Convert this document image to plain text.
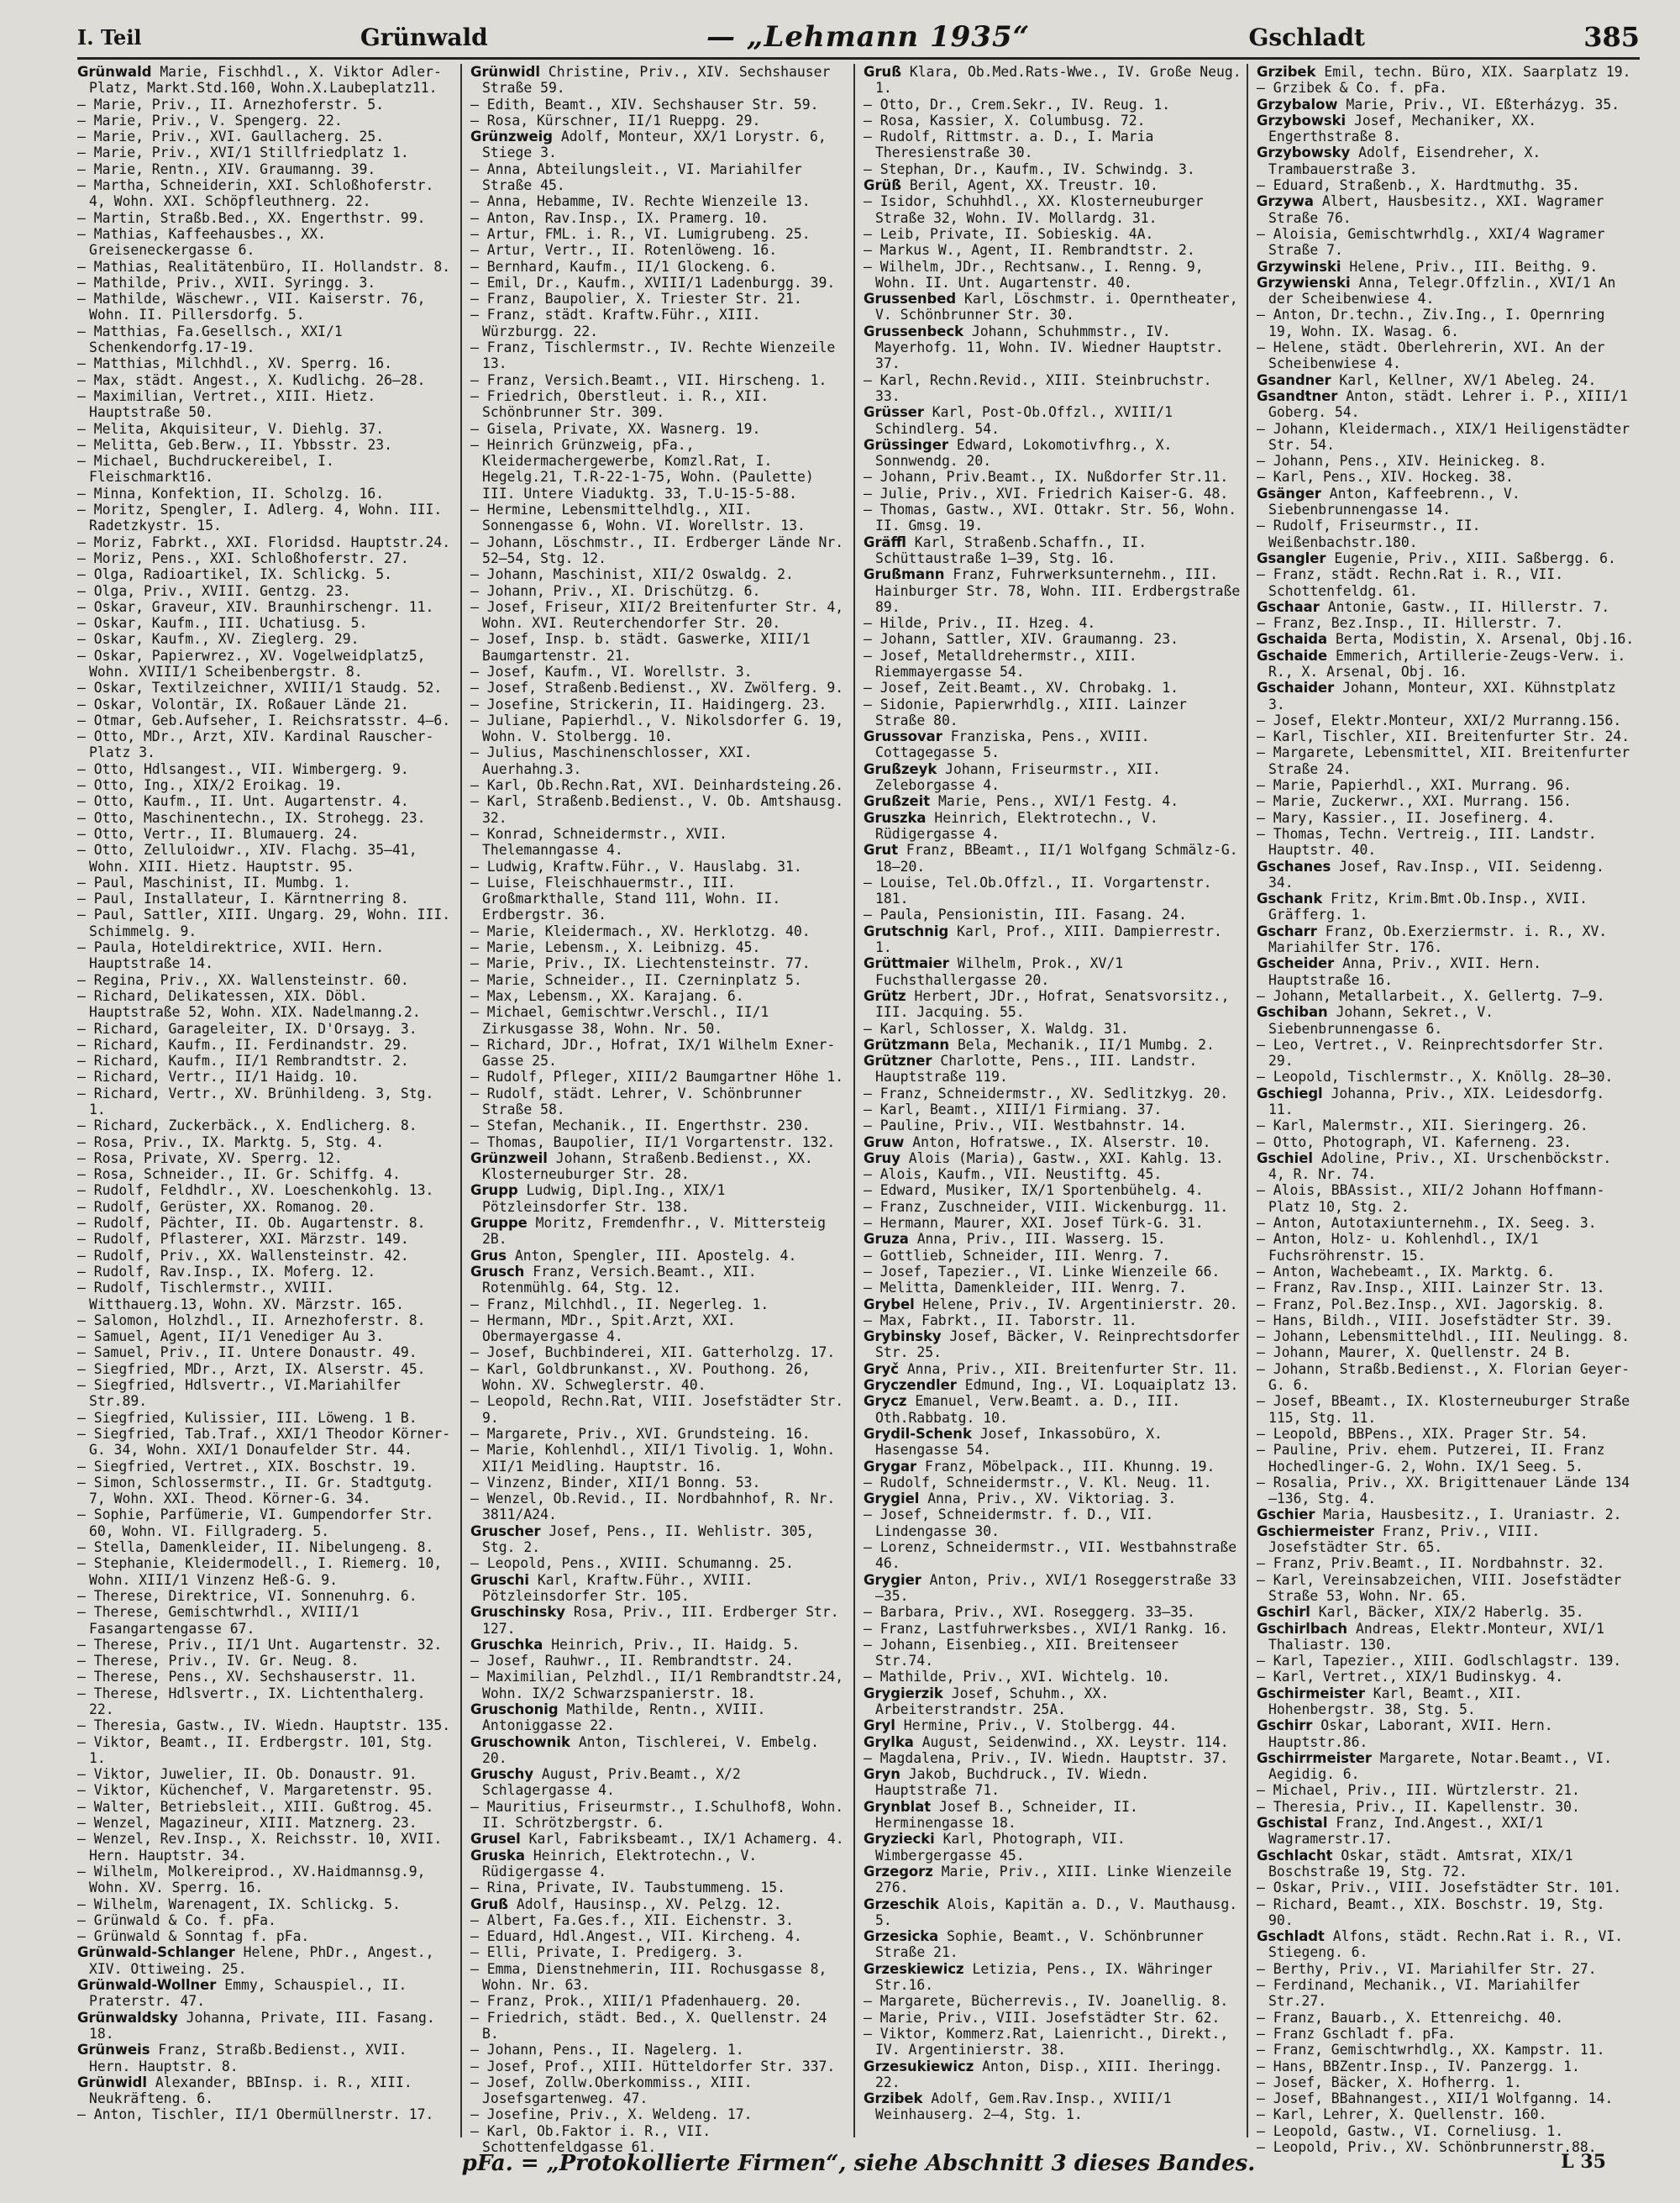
I. Teil	Grünwald	— „Lehmann 1935“	Gschladt	385

Grünwald Marie, Fischhdl., X. Viktor Adler-Platz, Markt.Std.160, Wohn.X.Laubeplatz11.

— Marie, Priv., II. Arnezhoferstr. 5.

— Marie, Priv., V. Spengerg. 22.

— Marie, Priv., XVI. Gaullacherg. 25.

— Marie, Priv., XVI/1 Stillfriedplatz 1.

— Marie, Rentn., XIV. Graumanng. 39.

— Martha, Schneiderin, XXI. Schloßhoferstr. 4, Wohn. XXI. Schöpfleuthnerg. 22.

— Martin, Straßb.Bed., XX. Engerthstr. 99.

— Mathias, Kaffeehausbes., XX. Greiseneckergasse 6.

— Mathias, Realitätenbüro, II. Hollandstr. 8.

— Mathilde, Priv., XVII. Syringg. 3.

— Mathilde, Wäschewr., VII. Kaiserstr. 76, Wohn. II. Pillersdorfg. 5.

— Matthias, Fa.Gesellsch., XXI/1 Schenkendorfg.17-19.

— Matthias, Milchhdl., XV. Sperrg. 16.

— Max, städt. Angest., X. Kudlichg. 26—28.

— Maximilian, Vertret., XIII. Hietz. Hauptstraße 50.

— Melita, Akquisiteur, V. Diehlg. 37.

— Melitta, Geb.Berw., II. Ybbsstr. 23.

— Michael, Buchdruckereibel, I. Fleischmarkt16.

— Minna, Konfektion, II. Scholzg. 16.

— Moritz, Spengler, I. Adlerg. 4, Wohn. III. Radetzkystr. 15.

— Moriz, Fabrkt., XXI. Floridsd. Hauptstr.24.

— Moriz, Pens., XXI. Schloßhoferstr. 27.

— Olga, Radioartikel, IX. Schlickg. 5.

— Olga, Priv., XVIII. Gentzg. 23.

— Oskar, Graveur, XIV. Braunhirschengr. 11.

— Oskar, Kaufm., III. Uchatiusg. 5.

— Oskar, Kaufm., XV. Zieglerg. 29.

— Oskar, Papierwrez., XV. Vogelweidplatz5, Wohn. XVIII/1 Scheibenbergstr. 8.

— Oskar, Textilzeichner, XVIII/1 Staudg. 52.

— Oskar, Volontär, IX. Roßauer Lände 21.

— Otmar, Geb.Aufseher, I. Reichsratsstr. 4—6.

— Otto, MDr., Arzt, XIV. Kardinal Rauscher-Platz 3.

— Otto, Hdlsangest., VII. Wimbergerg. 9.

— Otto, Ing., XIX/2 Eroikag. 19.

— Otto, Kaufm., II. Unt. Augartenstr. 4.

— Otto, Maschinentechn., IX. Strohegg. 23.

— Otto, Vertr., II. Blumauerg. 24.

— Otto, Zelluloidwr., XIV. Flachg. 35—41, Wohn. XIII. Hietz. Hauptstr. 95.

— Paul, Maschinist, II. Mumbg. 1.

— Paul, Installateur, I. Kärntnerring 8.

— Paul, Sattler, XIII. Ungarg. 29, Wohn. III. Schimmelg. 9.

— Paula, Hoteldirektrice, XVII. Hern. Hauptstraße 14.

— Regina, Priv., XX. Wallensteinstr. 60.

— Richard, Delikatessen, XIX. Döbl. Hauptstraße 52, Wohn. XIX. Nadelmanng.2.

— Richard, Garageleiter, IX. D'Orsayg. 3.

— Richard, Kaufm., II. Ferdinandstr. 29.

— Richard, Kaufm., II/1 Rembrandtstr. 2.

— Richard, Vertr., II/1 Haidg. 10.

— Richard, Vertr., XV. Brünhildeng. 3, Stg. 1.

— Richard, Zuckerbäck., X. Endlicherg. 8.

— Rosa, Priv., IX. Marktg. 5, Stg. 4.

— Rosa, Private, XV. Sperrg. 12.

— Rosa, Schneider., II. Gr. Schiffg. 4.

— Rudolf, Feldhdlr., XV. Loeschenkohlg. 13.

— Rudolf, Gerüster, XX. Romanog. 20.

— Rudolf, Pächter, II. Ob. Augartenstr. 8.

— Rudolf, Pflasterer, XXI. Märzstr. 149.

— Rudolf, Priv., XX. Wallensteinstr. 42.

— Rudolf, Rav.Insp., IX. Moferg. 12.

— Rudolf, Tischlermstr., XVIII. Witthauerg.13, Wohn. XV. Märzstr. 165.

— Salomon, Holzhdl., II. Arnezhoferstr. 8.

— Samuel, Agent, II/1 Venediger Au 3.

— Samuel, Priv., II. Untere Donaustr. 49.

— Siegfried, MDr., Arzt, IX. Alserstr. 45.

— Siegfried, Hdlsvertr., VI.Mariahilfer Str.89.

— Siegfried, Kulissier, III. Löweng. 1 B.

— Siegfried, Tab.Traf., XXI/1 Theodor Körner-G. 34, Wohn. XXI/1 Donaufelder Str. 44.

— Siegfried, Vertret., XIX. Boschstr. 19.

— Simon, Schlossermstr., II. Gr. Stadtgutg. 7, Wohn. XXI. Theod. Körner-G. 34.

— Sophie, Parfümerie, VI. Gumpendorfer Str. 60, Wohn. VI. Fillgraderg. 5.

— Stella, Damenkleider, II. Nibelungeng. 8.

— Stephanie, Kleidermodell., I. Riemerg. 10, Wohn. XIII/1 Vinzenz Heß-G. 9.

— Therese, Direktrice, VI. Sonnenuhrg. 6.

— Therese, Gemischtwrhdl., XVIII/1 Fasangartengasse 67.

— Therese, Priv., II/1 Unt. Augartenstr. 32.

— Therese, Priv., IV. Gr. Neug. 8.

— Therese, Pens., XV. Sechshauserstr. 11.

— Therese, Hdlsvertr., IX. Lichtenthalerg. 22.

— Theresia, Gastw., IV. Wiedn. Hauptstr. 135.

— Viktor, Beamt., II. Erdbergstr. 101, Stg. 1.

— Viktor, Juwelier, II. Ob. Donaustr. 91.

— Viktor, Küchenchef, V. Margaretenstr. 95.

— Walter, Betriebsleit., XIII. Gußtrog. 45.

— Wenzel, Magazineur, XIII. Matznerg. 23.

— Wenzel, Rev.Insp., X. Reichsstr. 10, XVII. Hern. Hauptstr. 34.

— Wilhelm, Molkereiprod., XV.Haidmannsg.9, Wohn. XV. Sperrg. 16.

— Wilhelm, Warenagent, IX. Schlickg. 5.

— Grünwald & Co. f. pFa.

— Grünwald & Sonntag f. pFa.

Grünwald-Schlanger Helene, PhDr., Angest., XIV. Ottiweing. 25.

Grünwald-Wollner Emmy, Schauspiel., II. Praterstr. 47.

Grünwaldsky Johanna, Private, III. Fasang. 18.

Grünweis Franz, Straßb.Bedienst., XVII. Hern. Hauptstr. 8.

Grünwidl Alexander, BBInsp. i. R., XIII. Neukräfteng. 6.

— Anton, Tischler, II/1 Obermüllnerstr. 17.

Grünwidl Christine, Priv., XIV. Sechshauser Straße 59.

— Edith, Beamt., XIV. Sechshauser Str. 59.

— Rosa, Kürschner, II/1 Rueppg. 29.

Grünzweig Adolf, Monteur, XX/1 Lorystr. 6, Stiege 3.

— Anna, Abteilungsleit., VI. Mariahilfer Straße 45.

— Anna, Hebamme, IV. Rechte Wienzeile 13.

— Anton, Rav.Insp., IX. Pramerg. 10.

— Artur, FML. i. R., VI. Lumigrubeng. 25.

— Artur, Vertr., II. Rotenlöweng. 16.

— Bernhard, Kaufm., II/1 Glockeng. 6.

— Emil, Dr., Kaufm., XVIII/1 Ladenburgg. 39.

— Franz, Baupolier, X. Triester Str. 21.

— Franz, städt. Kraftw.Führ., XIII. Würzburgg. 22.

— Franz, Tischlermstr., IV. Rechte Wienzeile 13.

— Franz, Versich.Beamt., VII. Hirscheng. 1.

— Friedrich, Oberstleut. i. R., XII. Schönbrunner Str. 309.

— Gisela, Private, XX. Wasnerg. 19.

— Heinrich Grünzweig, pFa., Kleidermachergewerbe, Komzl.Rat, I. Hegelg.21, T.R-22-1-75, Wohn. (Paulette) III. Untere Viaduktg. 33, T.U-15-5-88.

— Hermine, Lebensmittelhdlg., XII. Sonnengasse 6, Wohn. VI. Worellstr. 13.

— Johann, Löschmstr., II. Erdberger Lände Nr. 52—54, Stg. 12.

— Johann, Maschinist, XII/2 Oswaldg. 2.

— Johann, Priv., XI. Drischützg. 6.

— Josef, Friseur, XII/2 Breitenfurter Str. 4, Wohn. XVI. Reuterchendorfer Str. 20.

— Josef, Insp. b. städt. Gaswerke, XIII/1 Baumgartenstr. 21.

— Josef, Kaufm., VI. Worellstr. 3.

— Josef, Straßenb.Bedienst., XV. Zwölferg. 9.

— Josefine, Strickerin, II. Haidingerg. 23.

— Juliane, Papierhdl., V. Nikolsdorfer G. 19, Wohn. V. Stolbergg. 10.

— Julius, Maschinenschlosser, XXI. Auerhahng.3.

— Karl, Ob.Rechn.Rat, XVI. Deinhardsteing.26.

— Karl, Straßenb.Bedienst., V. Ob. Amtshausg. 32.

— Konrad, Schneidermstr., XVII. Thelemanngasse 4.

— Ludwig, Kraftw.Führ., V. Hauslabg. 31.

— Luise, Fleischhauermstr., III. Großmarkthalle, Stand 111, Wohn. II. Erdbergstr. 36.

— Marie, Kleidermach., XV. Herklotzg. 40.

— Marie, Lebensm., X. Leibnizg. 45.

— Marie, Priv., IX. Liechtensteinstr. 77.

— Marie, Schneider., II. Czerninplatz 5.

— Max, Lebensm., XX. Karajang. 6.

— Michael, Gemischtwr.Verschl., II/1 Zirkusgasse 38, Wohn. Nr. 50.

— Richard, JDr., Hofrat, IX/1 Wilhelm Exner-Gasse 25.

— Rudolf, Pfleger, XIII/2 Baumgartner Höhe 1.

— Rudolf, städt. Lehrer, V. Schönbrunner Straße 58.

— Stefan, Mechanik., II. Engerthstr. 230.

— Thomas, Baupolier, II/1 Vorgartenstr. 132.

Grünzweil Johann, Straßenb.Bedienst., XX. Klosterneuburger Str. 28.

Grupp Ludwig, Dipl.Ing., XIX/1 Pötzleinsdorfer Str. 138.

Gruppe Moritz, Fremdenfhr., V. Mittersteig 2B.

Grus Anton, Spengler, III. Apostelg. 4.

Grusch Franz, Versich.Beamt., XII. Rotenmühlg. 64, Stg. 12.

— Franz, Milchhdl., II. Negerleg. 1.

— Hermann, MDr., Spit.Arzt, XXI. Obermayergasse 4.

— Josef, Buchbinderei, XII. Gatterholzg. 17.

— Karl, Goldbrunkanst., XV. Pouthong. 26, Wohn. XV. Schweglerstr. 40.

— Leopold, Rechn.Rat, VIII. Josefstädter Str. 9.

— Margarete, Priv., XVI. Grundsteing. 16.

— Marie, Kohlenhdl., XII/1 Tivolig. 1, Wohn. XII/1 Meidling. Hauptstr. 16.

— Vinzenz, Binder, XII/1 Bonng. 53.

— Wenzel, Ob.Revid., II. Nordbahnhof, R. Nr. 3811/A24.

Gruscher Josef, Pens., II. Wehlistr. 305, Stg. 2.

— Leopold, Pens., XVIII. Schumanng. 25.

Gruschi Karl, Kraftw.Führ., XVIII. Pötzleinsdorfer Str. 105.

Gruschinsky Rosa, Priv., III. Erdberger Str. 127.

Gruschka Heinrich, Priv., II. Haidg. 5.

— Josef, Rauhwr., II. Rembrandtstr. 24.

— Maximilian, Pelzhdl., II/1 Rembrandtstr.24, Wohn. IX/2 Schwarzspanierstr. 18.

Gruschonig Mathilde, Rentn., XVIII. Antoniggasse 22.

Gruschownik Anton, Tischlerei, V. Embelg. 20.

Gruschy August, Priv.Beamt., X/2 Schlagergasse 4.

— Mauritius, Friseurmstr., I.Schulhof8, Wohn. II. Schrötzbergstr. 6.

Grusel Karl, Fabriksbeamt., IX/1 Achamerg. 4.

Gruska Heinrich, Elektrotechn., V. Rüdigergasse 4.

— Rina, Private, IV. Taubstummeng. 15.

Gruß Adolf, Hausinsp., XV. Pelzg. 12.

— Albert, Fa.Ges.f., XII. Eichenstr. 3.

— Eduard, Hdl.Angest., VII. Kircheng. 4.

— Elli, Private, I. Predigerg. 3.

— Emma, Dienstnehmerin, III. Rochusgasse 8, Wohn. Nr. 63.

— Franz, Prok., XIII/1 Pfadenhauerg. 20.

— Friedrich, städt. Bed., X. Quellenstr. 24 B.

— Johann, Pens., II. Nagelerg. 1.

— Josef, Prof., XIII. Hütteldorfer Str. 337.

— Josef, Zollw.Oberkommiss., XIII. Josefsgartenweg. 47.

— Josefine, Priv., X. Weldeng. 17.

— Karl, Ob.Faktor i. R., VII. Schottenfeldgasse 61.

Gruß Klara, Ob.Med.Rats-Wwe., IV. Große Neug. 1.

— Otto, Dr., Crem.Sekr., IV. Reug. 1.

— Rosa, Kassier, X. Columbusg. 72.

— Rudolf, Rittmstr. a. D., I. Maria Theresienstraße 30.

— Stephan, Dr., Kaufm., IV. Schwindg. 3.

Grüß Beril, Agent, XX. Treustr. 10.

— Isidor, Schuhhdl., XX. Klosterneuburger Straße 32, Wohn. IV. Mollardg. 31.

— Leib, Private, II. Sobieskig. 4A.

— Markus W., Agent, II. Rembrandtstr. 2.

— Wilhelm, JDr., Rechtsanw., I. Renng. 9, Wohn. II. Unt. Augartenstr. 40.

Grussenbed Karl, Löschmstr. i. Operntheater, V. Schönbrunner Str. 30.

Grussenbeck Johann, Schuhmmstr., IV. Mayerhofg. 11, Wohn. IV. Wiedner Hauptstr. 37.

— Karl, Rechn.Revid., XIII. Steinbruchstr. 33.

Grüsser Karl, Post-Ob.Offzl., XVIII/1 Schindlerg. 54.

Grüssinger Edward, Lokomotivfhrg., X. Sonnwendg. 20.

— Johann, Priv.Beamt., IX. Nußdorfer Str.11.

— Julie, Priv., XVI. Friedrich Kaiser-G. 48.

— Thomas, Gastw., XVI. Ottakr. Str. 56, Wohn. II. Gmsg. 19.

Gräffl Karl, Straßenb.Schaffn., II. Schüttaustraße 1—39, Stg. 16.

Grußmann Franz, Fuhrwerksunternehm., III. Hainburger Str. 78, Wohn. III. Erdbergstraße 89.

— Hilde, Priv., II. Hzeg. 4.

— Johann, Sattler, XIV. Graumanng. 23.

— Josef, Metalldrehermstr., XIII. Riemmayergasse 54.

— Josef, Zeit.Beamt., XV. Chrobakg. 1.

— Sidonie, Papierwrhdlg., XIII. Lainzer Straße 80.

Grussovar Franziska, Pens., XVIII. Cottagegasse 5.

Grußzeyk Johann, Friseurmstr., XII. Zeleborgasse 4.

Grußzeit Marie, Pens., XVI/1 Festg. 4.

Gruszka Heinrich, Elektrotechn., V. Rüdigergasse 4.

Grut Franz, BBeamt., II/1 Wolfgang Schmälz-G. 18—20.

— Louise, Tel.Ob.Offzl., II. Vorgartenstr. 181.

— Paula, Pensionistin, III. Fasang. 24.

Grutschnig Karl, Prof., XIII. Dampierrestr. 1.

Grüttmaier Wilhelm, Prok., XV/1 Fuchsthallergasse 20.

Grütz Herbert, JDr., Hofrat, Senatsvorsitz., III. Jacquing. 55.

— Karl, Schlosser, X. Waldg. 31.

Grützmann Bela, Mechanik., II/1 Mumbg. 2.

Grützner Charlotte, Pens., III. Landstr. Hauptstraße 119.

— Franz, Schneidermstr., XV. Sedlitzkyg. 20.

— Karl, Beamt., XIII/1 Firmiang. 37.

— Pauline, Priv., VII. Westbahnstr. 14.

Gruw Anton, Hofratswe., IX. Alserstr. 10.

Gruy Alois (Maria), Gastw., XXI. Kahlg. 13.

— Alois, Kaufm., VII. Neustiftg. 45.

— Edward, Musiker, IX/1 Sportenbühelg. 4.

— Franz, Zuschneider, VIII. Wickenburgg. 11.

— Hermann, Maurer, XXI. Josef Türk-G. 31.

Gruza Anna, Priv., III. Wasserg. 15.

— Gottlieb, Schneider, III. Wenrg. 7.

— Josef, Tapezier., VI. Linke Wienzeile 66.

— Melitta, Damenkleider, III. Wenrg. 7.

Grybel Helene, Priv., IV. Argentinierstr. 20.

— Max, Fabrkt., II. Taborstr. 11.

Grybinsky Josef, Bäcker, V. Reinprechtsdorfer Str. 25.

Gryč Anna, Priv., XII. Breitenfurter Str. 11.

Gryczendler Edmund, Ing., VI. Loquaiplatz 13.

Grycz Emanuel, Verw.Beamt. a. D., III. Oth.Rabbatg. 10.

Grydil-Schenk Josef, Inkassobüro, X. Hasengasse 54.

Grygar Franz, Möbelpack., III. Khunng. 19.

— Rudolf, Schneidermstr., V. Kl. Neug. 11.

Grygiel Anna, Priv., XV. Viktoriag. 3.

— Josef, Schneidermstr. f. D., VII. Lindengasse 30.

— Lorenz, Schneidermstr., VII. Westbahnstraße 46.

Grygier Anton, Priv., XVI/1 Roseggerstraße 33—35.

— Barbara, Priv., XVI. Roseggerg. 33—35.

— Franz, Lastfuhrwerksbes., XVI/1 Rankg. 16.

— Johann, Eisenbieg., XII. Breitenseer Str.74.

— Mathilde, Priv., XVI. Wichtelg. 10.

Grygierzik Josef, Schuhm., XX. Arbeiterstrandstr. 25A.

Gryl Hermine, Priv., V. Stolbergg. 44.

Grylka August, Seidenwind., XX. Leystr. 114.

— Magdalena, Priv., IV. Wiedn. Hauptstr. 37.

Gryn Jakob, Buchdruck., IV. Wiedn. Hauptstraße 71.

Grynblat Josef B., Schneider, II. Herminengasse 18.

Gryziecki Karl, Photograph, VII. Wimbergergasse 45.

Grzegorz Marie, Priv., XIII. Linke Wienzeile 276.

Grzeschik Alois, Kapitän a. D., V. Mauthausg. 5.

Grzesicka Sophie, Beamt., V. Schönbrunner Straße 21.

Grzeskiewicz Letizia, Pens., IX. Währinger Str.16.

— Margarete, Bücherrevis., IV. Joanellig. 8.

— Marie, Priv., VIII. Josefstädter Str. 62.

— Viktor, Kommerz.Rat, Laienricht., Direkt., IV. Argentinierstr. 38.

Grzesukiewicz Anton, Disp., XIII. Iheringg. 22.

Grzibek Adolf, Gem.Rav.Insp., XVIII/1 Weinhauserg. 2—4, Stg. 1.

Grzibek Emil, techn. Büro, XIX. Saarplatz 19.

— Grzibek & Co. f. pFa.

Grzybalow Marie, Priv., VI. Eßterházyg. 35.

Grzybowski Josef, Mechaniker, XX. Engerthstraße 8.

Grzybowsky Adolf, Eisendreher, X. Trambauerstraße 3.

— Eduard, Straßenb., X. Hardtmuthg. 35.

Grzywa Albert, Hausbesitz., XXI. Wagramer Straße 76.

— Aloisia, Gemischtwrhdlg., XXI/4 Wagramer Straße 7.

Grzywinski Helene, Priv., III. Beithg. 9.

Grzywienski Anna, Telegr.Offzlin., XVI/1 An der Scheibenwiese 4.

— Anton, Dr.techn., Ziv.Ing., I. Opernring 19, Wohn. IX. Wasag. 6.

— Helene, städt. Oberlehrerin, XVI. An der Scheibenwiese 4.

Gsandner Karl, Kellner, XV/1 Abeleg. 24.

Gsandtner Anton, städt. Lehrer i. P., XIII/1 Goberg. 54.

— Johann, Kleidermach., XIX/1 Heiligenstädter Str. 54.

— Johann, Pens., XIV. Heinickeg. 8.

— Karl, Pens., XIV. Hockeg. 38.

Gsänger Anton, Kaffeebrenn., V. Siebenbrunnengasse 14.

— Rudolf, Friseurmstr., II. Weißenbachstr.180.

Gsangler Eugenie, Priv., XIII. Saßbergg. 6.

— Franz, städt. Rechn.Rat i. R., VII. Schottenfeldg. 61.

Gschaar Antonie, Gastw., II. Hillerstr. 7.

— Franz, Bez.Insp., II. Hillerstr. 7.

Gschaida Berta, Modistin, X. Arsenal, Obj.16.

Gschaide Emmerich, Artillerie-Zeugs-Verw. i. R., X. Arsenal, Obj. 16.

Gschaider Johann, Monteur, XXI. Kühnstplatz 3.

— Josef, Elektr.Monteur, XXI/2 Murranng.156.

— Karl, Tischler, XII. Breitenfurter Str. 24.

— Margarete, Lebensmittel, XII. Breitenfurter Straße 24.

— Marie, Papierhdl., XXI. Murrang. 96.

— Marie, Zuckerwr., XXI. Murrang. 156.

— Mary, Kassier., II. Josefinerg. 4.

— Thomas, Techn. Vertreig., III. Landstr. Hauptstr. 40.

Gschanes Josef, Rav.Insp., VII. Seidenng. 34.

Gschank Fritz, Krim.Bmt.Ob.Insp., XVII. Gräfferg. 1.

Gscharr Franz, Ob.Exerziermstr. i. R., XV. Mariahilfer Str. 176.

Gscheider Anna, Priv., XVII. Hern. Hauptstraße 16.

— Johann, Metallarbeit., X. Gellertg. 7—9.

Gschiban Johann, Sekret., V. Siebenbrunnengasse 6.

— Leo, Vertret., V. Reinprechtsdorfer Str. 29.

— Leopold, Tischlermstr., X. Knöllg. 28—30.

Gschiegl Johanna, Priv., XIX. Leidesdorfg. 11.

— Karl, Malermstr., XII. Sieringerg. 26.

— Otto, Photograph, VI. Kaferneng. 23.

Gschiel Adoline, Priv., XI. Urschenböckstr. 4, R. Nr. 74.

— Alois, BBAssist., XII/2 Johann Hoffmann-Platz 10, Stg. 2.

— Anton, Autotaxiunternehm., IX. Seeg. 3.

— Anton, Holz- u. Kohlenhdl., IX/1 Fuchsröhrenstr. 15.

— Anton, Wachebeamt., IX. Marktg. 6.

— Franz, Rav.Insp., XIII. Lainzer Str. 13.

— Franz, Pol.Bez.Insp., XVI. Jagorskig. 8.

— Hans, Bildh., VIII. Josefstädter Str. 39.

— Johann, Lebensmittelhdl., III. Neulingg. 8.

— Johann, Maurer, X. Quellenstr. 24 B.

— Johann, Straßb.Bedienst., X. Florian Geyer-G. 6.

— Josef, BBeamt., IX. Klosterneuburger Straße 115, Stg. 11.

— Leopold, BBPens., XIX. Prager Str. 54.

— Pauline, Priv. ehem. Putzerei, II. Franz Hochedlinger-G. 2, Wohn. IX/1 Seeg. 5.

— Rosalia, Priv., XX. Brigittenauer Lände 134—136, Stg. 4.

Gschier Maria, Hausbesitz., I. Uraniastr. 2.

Gschiermeister Franz, Priv., VIII. Josefstädter Str. 65.

— Franz, Priv.Beamt., II. Nordbahnstr. 32.

— Karl, Vereinsabzeichen, VIII. Josefstädter Straße 53, Wohn. Nr. 65.

Gschirl Karl, Bäcker, XIX/2 Haberlg. 35.

Gschirlbach Andreas, Elektr.Monteur, XVI/1 Thaliastr. 130.

— Karl, Tapezier., XIII. Godlschlagstr. 139.

— Karl, Vertret., XIX/1 Budinskyg. 4.

Gschirmeister Karl, Beamt., XII. Hohenbergstr. 38, Stg. 5.

Gschirr Oskar, Laborant, XVII. Hern. Hauptstr.86.

Gschirrmeister Margarete, Notar.Beamt., VI. Aegidig. 6.

— Michael, Priv., III. Würtzlerstr. 21.

— Theresia, Priv., II. Kapellenstr. 30.

Gschistal Franz, Ind.Angest., XXI/1 Wagramerstr.17.

Gschlacht Oskar, städt. Amtsrat, XIX/1 Boschstraße 19, Stg. 72.

— Oskar, Priv., VIII. Josefstädter Str. 101.

— Richard, Beamt., XIX. Boschstr. 19, Stg. 90.

Gschladt Alfons, städt. Rechn.Rat i. R., VI. Stiegeng. 6.

— Berthy, Priv., VI. Mariahilfer Str. 27.

— Ferdinand, Mechanik., VI. Mariahilfer Str.27.

— Franz, Bauarb., X. Ettenreichg. 40.

— Franz Gschladt f. pFa.

— Franz, Gemischtwrhdlg., XX. Kampstr. 11.

— Hans, BBZentr.Insp., IV. Panzergg. 1.

— Josef, Bäcker, X. Hofherrg. 1.

— Josef, BBahnangest., XII/1 Wolfganng. 14.

— Karl, Lehrer, X. Quellenstr. 160.

— Leopold, Gastw., VI. Corneliusg. 1.

— Leopold, Priv., XV. Schönbrunnerstr.88.

pFa. = „Protokollierte Firmen“, siehe Abschnitt 3 dieses Bandes.	L 35
